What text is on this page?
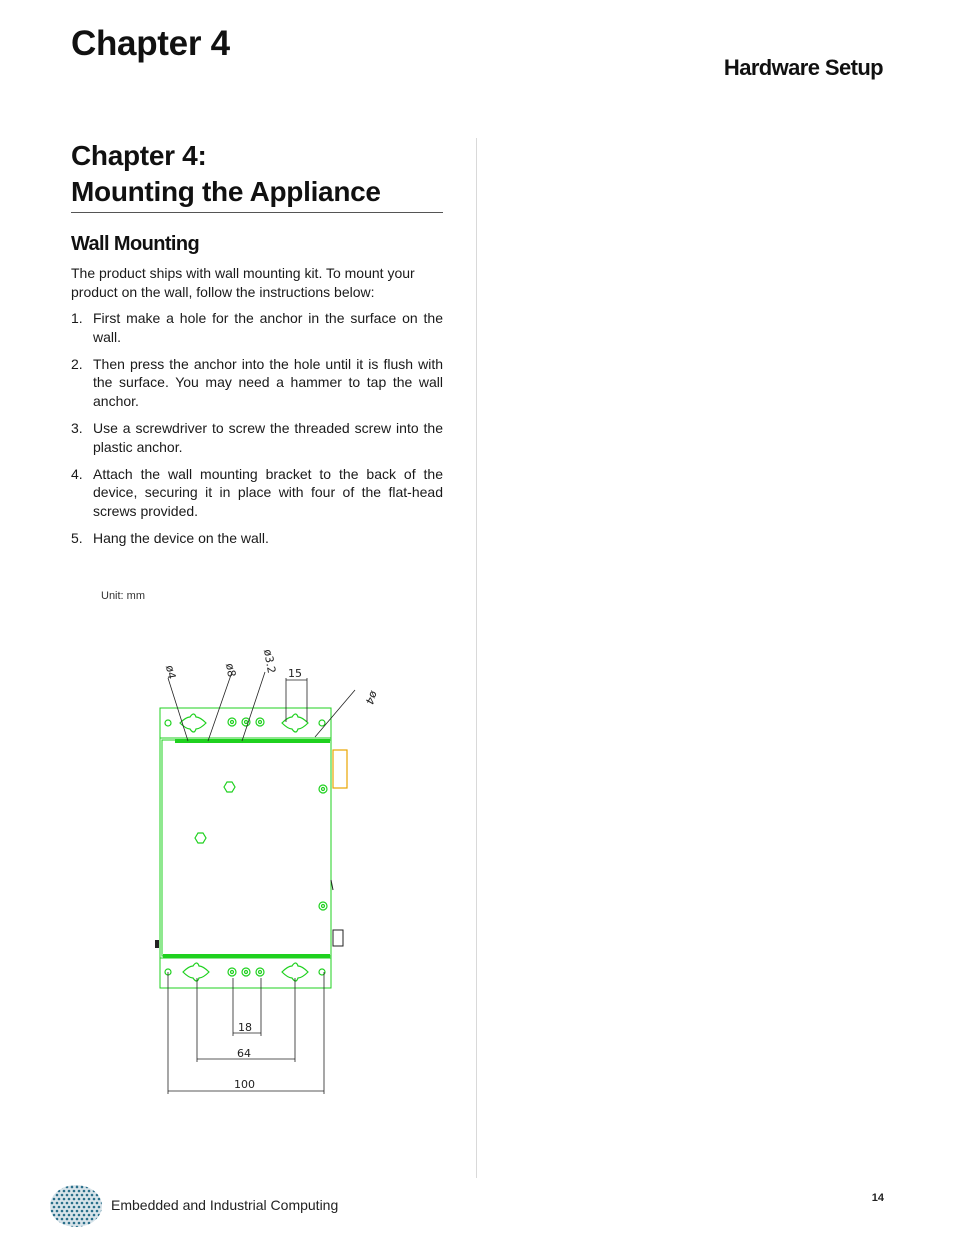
Chapter 4
Hardware Setup
Chapter 4:
Mounting the Appliance
Wall Mounting

The product ships with wall mounting kit. To mount your product on the wall, follow the instructions below:

1. First make a hole for the anchor in the surface on the wall.
2. Then press the anchor into the hole until it is flush with the surface. You may need a hammer to tap the wall anchor.
3. Use a screwdriver to screw the threaded screw into the plastic anchor.
4. Attach the wall mounting bracket to the back of the device, securing it in place with four of the flat-head screws provided.
5. Hang the device on the wall.
Unit: mm
ø4	ø8 ø3.2 15
ø4
18
64
100
Embedded and Industrial Computing	14
